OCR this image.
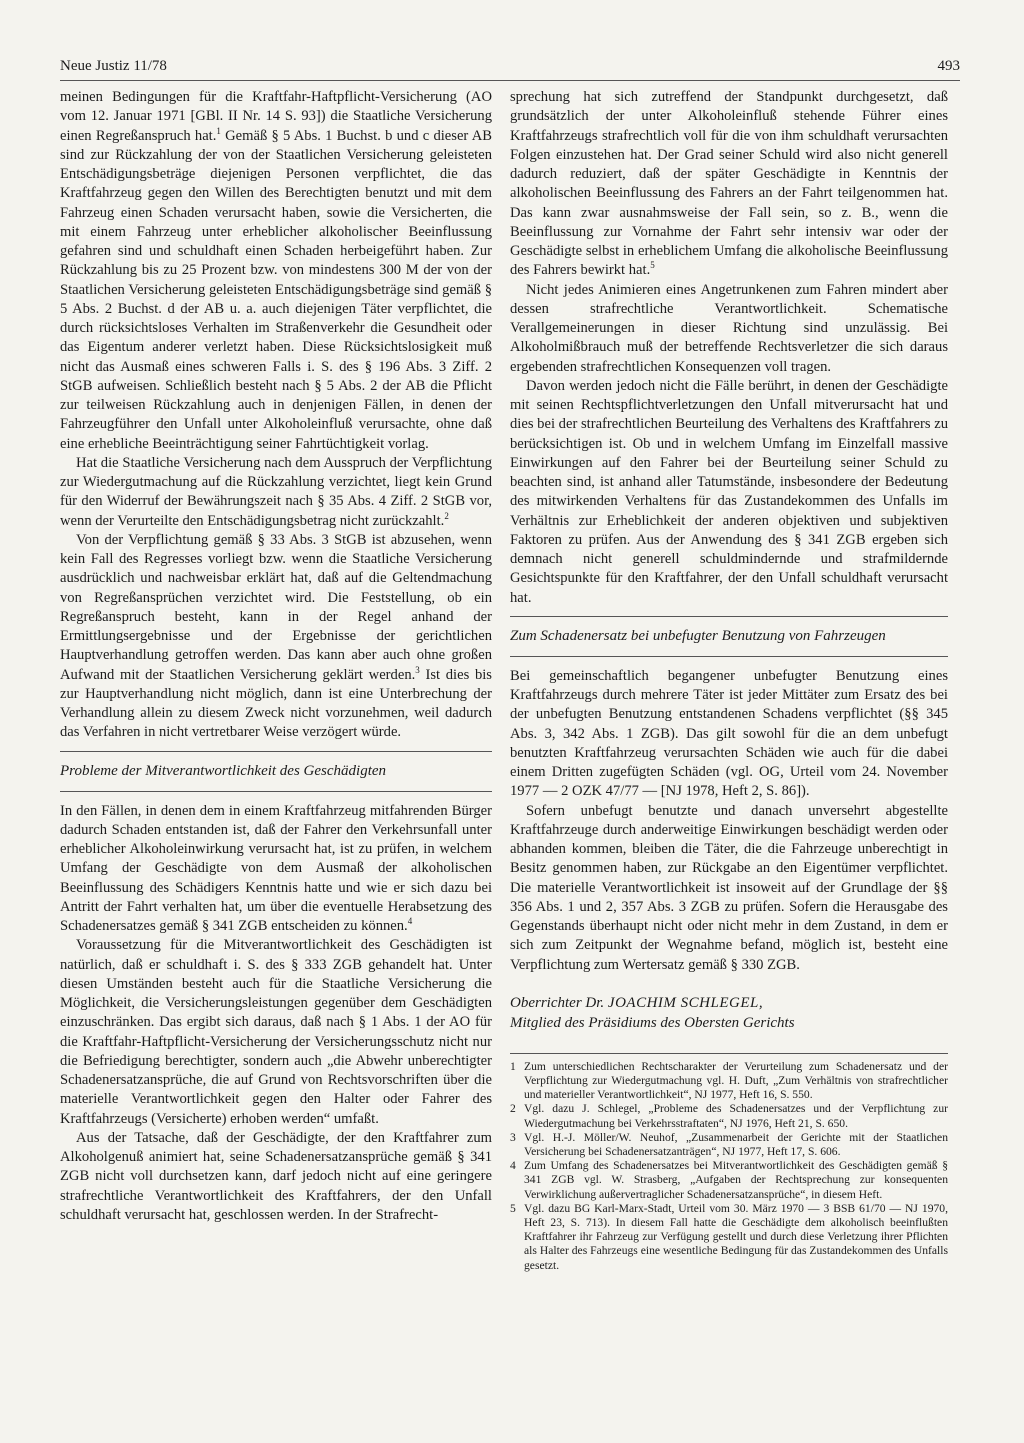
Neue Justiz 11/78	493

meinen Bedingungen für die Kraftfahr-Haftpflicht-Versicherung (AO vom 12. Januar 1971 [GBl. II Nr. 14 S. 93]) die Staatliche Versicherung einen Regreßanspruch hat.$^1$ Gemäß § 5 Abs. 1 Buchst. b und c dieser AB sind zur Rückzahlung der von der Staatlichen Versicherung geleisteten Entschädigungsbeträge diejenigen Personen verpflichtet, die das Kraftfahrzeug gegen den Willen des Berechtigten benutzt und mit dem Fahrzeug einen Schaden verursacht haben, sowie die Versicherten, die mit einem Fahrzeug unter erheblicher alkoholischer Beeinflussung gefahren sind und schuldhaft einen Schaden herbeigeführt haben. Zur Rückzahlung bis zu 25 Prozent bzw. von mindestens 300 M der von der Staatlichen Versicherung geleisteten Entschädigungsbeträge sind gemäß § 5 Abs. 2 Buchst. d der AB u. a. auch diejenigen Täter verpflichtet, die durch rücksichtsloses Verhalten im Straßenverkehr die Gesundheit oder das Eigentum anderer verletzt haben. Diese Rücksichtslosigkeit muß nicht das Ausmaß eines schweren Falls i. S. des § 196 Abs. 3 Ziff. 2 StGB aufweisen. Schließlich besteht nach § 5 Abs. 2 der AB die Pflicht zur teilweisen Rückzahlung auch in denjenigen Fällen, in denen der Fahrzeugführer den Unfall unter Alkoholeinfluß verursachte, ohne daß eine erhebliche Beeinträchtigung seiner Fahrtüchtigkeit vorlag.

Hat die Staatliche Versicherung nach dem Ausspruch der Verpflichtung zur Wiedergutmachung auf die Rückzahlung verzichtet, liegt kein Grund für den Widerruf der Bewährungszeit nach § 35 Abs. 4 Ziff. 2 StGB vor, wenn der Verurteilte den Entschädigungsbetrag nicht zurückzahlt.$^2$

Von der Verpflichtung gemäß § 33 Abs. 3 StGB ist abzusehen, wenn kein Fall des Regresses vorliegt bzw. wenn die Staatliche Versicherung ausdrücklich und nachweisbar erklärt hat, daß auf die Geltendmachung von Regreßansprüchen verzichtet wird. Die Feststellung, ob ein Regreßanspruch besteht, kann in der Regel anhand der Ermittlungsergebnisse und der Ergebnisse der gerichtlichen Hauptverhandlung getroffen werden. Das kann aber auch ohne großen Aufwand mit der Staatlichen Versicherung geklärt werden.$^3$ Ist dies bis zur Hauptverhandlung nicht möglich, dann ist eine Unterbrechung der Verhandlung allein zu diesem Zweck nicht vorzunehmen, weil dadurch das Verfahren in nicht vertretbarer Weise verzögert würde.

Probleme der Mitverantwortlichkeit des Geschädigten

In den Fällen, in denen dem in einem Kraftfahrzeug mitfahrenden Bürger dadurch Schaden entstanden ist, daß der Fahrer den Verkehrsunfall unter erheblicher Alkoholeinwirkung verursacht hat, ist zu prüfen, in welchem Umfang der Geschädigte von dem Ausmaß der alkoholischen Beeinflussung des Schädigers Kenntnis hatte und wie er sich dazu bei Antritt der Fahrt verhalten hat, um über die eventuelle Herabsetzung des Schadenersatzes gemäß § 341 ZGB entscheiden zu können.$^4$

Voraussetzung für die Mitverantwortlichkeit des Geschädigten ist natürlich, daß er schuldhaft i. S. des § 333 ZGB gehandelt hat. Unter diesen Umständen besteht auch für die Staatliche Versicherung die Möglichkeit, die Versicherungsleistungen gegenüber dem Geschädigten einzuschränken. Das ergibt sich daraus, daß nach § 1 Abs. 1 der AO für die Kraftfahr-Haftpflicht-Versicherung der Versicherungsschutz nicht nur die Befriedigung berechtigter, sondern auch „die Abwehr unberechtigter Schadenersatzansprüche, die auf Grund von Rechtsvorschriften über die materielle Verantwortlichkeit gegen den Halter oder Fahrer des Kraftfahrzeugs (Versicherte) erhoben werden“ umfaßt.

Aus der Tatsache, daß der Geschädigte, der den Kraftfahrer zum Alkoholgenuß animiert hat, seine Schadenersatzansprüche gemäß § 341 ZGB nicht voll durchsetzen kann, darf jedoch nicht auf eine geringere strafrechtliche Verantwortlichkeit des Kraftfahrers, der den Unfall schuldhaft verursacht hat, geschlossen werden. In der Strafrecht-

sprechung hat sich zutreffend der Standpunkt durchgesetzt, daß grundsätzlich der unter Alkoholeinfluß stehende Führer eines Kraftfahrzeugs strafrechtlich voll für die von ihm schuldhaft verursachten Folgen einzustehen hat. Der Grad seiner Schuld wird also nicht generell dadurch reduziert, daß der später Geschädigte in Kenntnis der alkoholischen Beeinflussung des Fahrers an der Fahrt teilgenommen hat. Das kann zwar ausnahmsweise der Fall sein, so z. B., wenn die Beeinflussung zur Vornahme der Fahrt sehr intensiv war oder der Geschädigte selbst in erheblichem Umfang die alkoholische Beeinflussung des Fahrers bewirkt hat.$^5$

Nicht jedes Animieren eines Angetrunkenen zum Fahren mindert aber dessen strafrechtliche Verantwortlichkeit. Schematische Verallgemeinerungen in dieser Richtung sind unzulässig. Bei Alkoholmißbrauch muß der betreffende Rechtsverletzer die sich daraus ergebenden strafrechtlichen Konsequenzen voll tragen.

Davon werden jedoch nicht die Fälle berührt, in denen der Geschädigte mit seinen Rechtspflichtverletzungen den Unfall mitverursacht hat und dies bei der strafrechtlichen Beurteilung des Verhaltens des Kraftfahrers zu berücksichtigen ist. Ob und in welchem Umfang im Einzelfall massive Einwirkungen auf den Fahrer bei der Beurteilung seiner Schuld zu beachten sind, ist anhand aller Tatumstände, insbesondere der Bedeutung des mitwirkenden Verhaltens für das Zustandekommen des Unfalls im Verhältnis zur Erheblichkeit der anderen objektiven und subjektiven Faktoren zu prüfen. Aus der Anwendung des § 341 ZGB ergeben sich demnach nicht generell schuldmindernde und strafmildernde Gesichtspunkte für den Kraftfahrer, der den Unfall schuldhaft verursacht hat.

Zum Schadenersatz bei unbefugter Benutzung von Fahrzeugen

Bei gemeinschaftlich begangener unbefugter Benutzung eines Kraftfahrzeugs durch mehrere Täter ist jeder Mittäter zum Ersatz des bei der unbefugten Benutzung entstandenen Schadens verpflichtet (§§ 345 Abs. 3, 342 Abs. 1 ZGB). Das gilt sowohl für die an dem unbefugt benutzten Kraftfahrzeug verursachten Schäden wie auch für die dabei einem Dritten zugefügten Schäden (vgl. OG, Urteil vom 24. November 1977 — 2 OZK 47/77 — [NJ 1978, Heft 2, S. 86]).

Sofern unbefugt benutzte und danach unversehrt abgestellte Kraftfahrzeuge durch anderweitige Einwirkungen beschädigt werden oder abhanden kommen, bleiben die Täter, die die Fahrzeuge unberechtigt in Besitz genommen haben, zur Rückgabe an den Eigentümer verpflichtet. Die materielle Verantwortlichkeit ist insoweit auf der Grundlage der §§ 356 Abs. 1 und 2, 357 Abs. 3 ZGB zu prüfen. Sofern die Herausgabe des Gegenstands überhaupt nicht oder nicht mehr in dem Zustand, in dem er sich zum Zeitpunkt der Wegnahme befand, möglich ist, besteht eine Verpflichtung zum Wertersatz gemäß § 330 ZGB.

Oberrichter Dr. JOACHIM SCHLEGEL,
Mitglied des Präsidiums des Obersten Gerichts
1 Zum unterschiedlichen Rechtscharakter der Verurteilung zum Schadenersatz und der Verpflichtung zur Wiedergutmachung vgl. H. Duft, „Zum Verhältnis von strafrechtlicher und materieller Verantwortlichkeit“, NJ 1977, Heft 16, S. 550.
2 Vgl. dazu J. Schlegel, „Probleme des Schadenersatzes und der Verpflichtung zur Wiedergutmachung bei Verkehrsstraftaten“, NJ 1976, Heft 21, S. 650.
3 Vgl. H.-J. Möller/W. Neuhof, „Zusammenarbeit der Gerichte mit der Staatlichen Versicherung bei Schadenersatzanträgen“, NJ 1977, Heft 17, S. 606.
4 Zum Umfang des Schadenersatzes bei Mitverantwortlichkeit des Geschädigten gemäß § 341 ZGB vgl. W. Strasberg, „Aufgaben der Rechtsprechung zur konsequenten Verwirklichung außervertraglicher Schadenersatzansprüche“, in diesem Heft.
5 Vgl. dazu BG Karl-Marx-Stadt, Urteil vom 30. März 1970 — 3 BSB 61/70 — NJ 1970, Heft 23, S. 713). In diesem Fall hatte die Geschädigte dem alkoholisch beeinflußten Kraftfahrer ihr Fahrzeug zur Verfügung gestellt und durch diese Verletzung ihrer Pflichten als Halter des Fahrzeugs eine wesentliche Bedingung für das Zustandekommen des Unfalls gesetzt.
